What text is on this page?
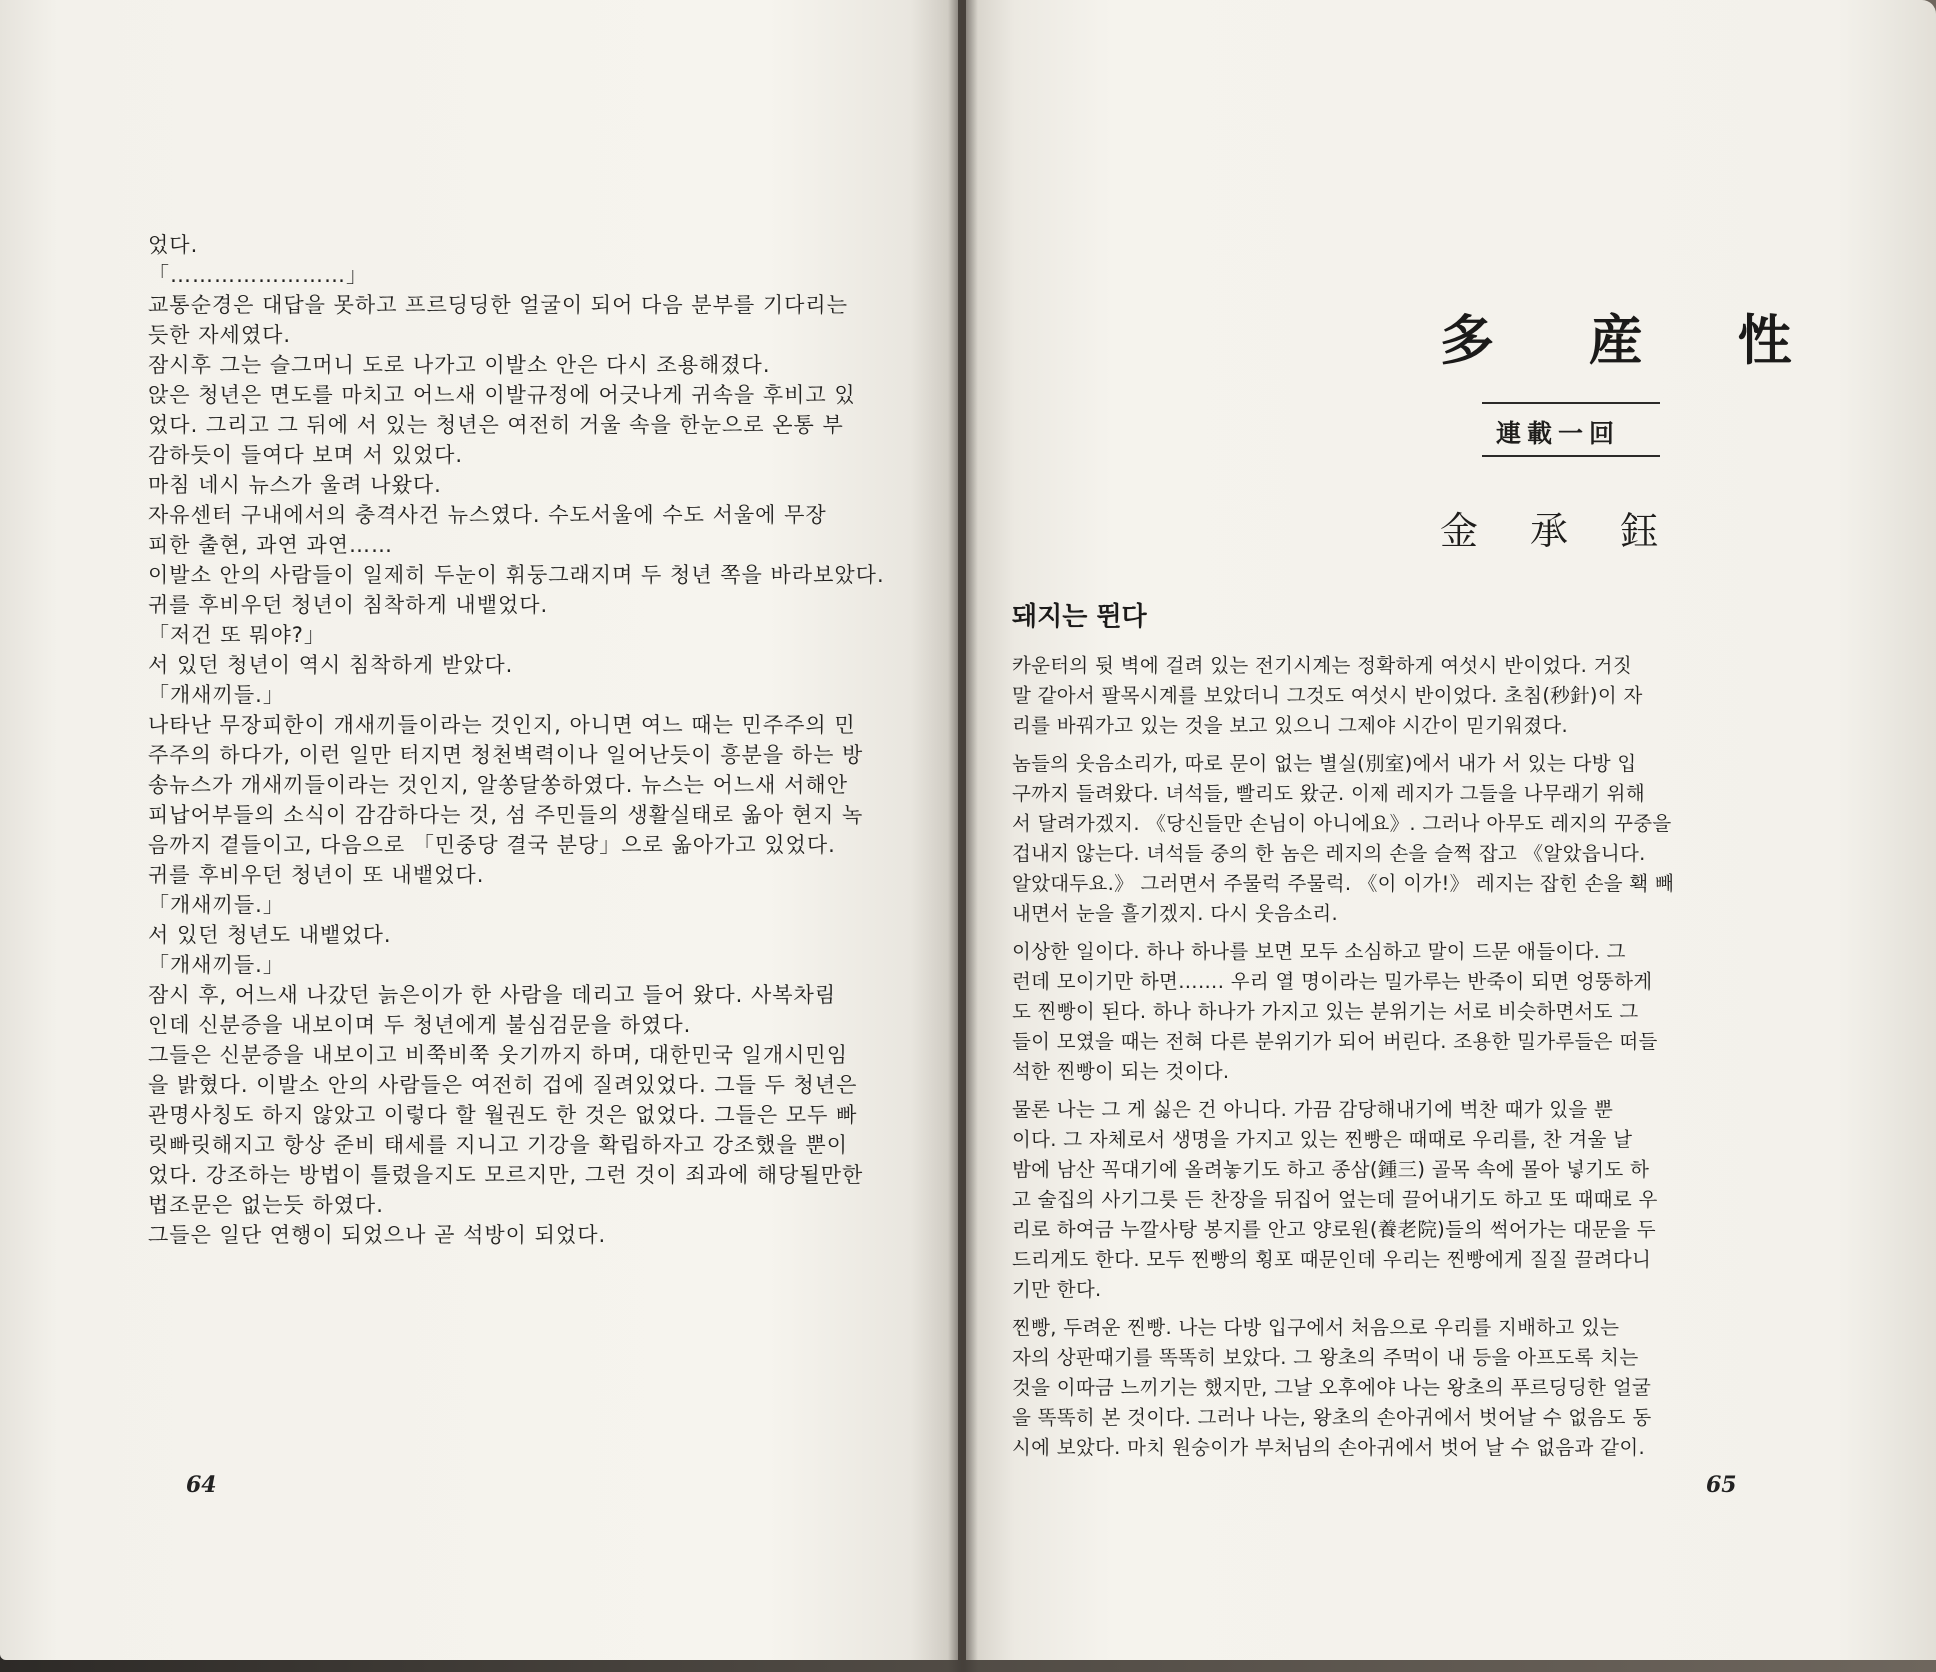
었다.
「……………………」
교통순경은 대답을 못하고 프르딩딩한 얼굴이 되어 다음 분부를 기다리는
듯한 자세였다.
잠시후 그는 슬그머니 도로 나가고 이발소 안은 다시 조용해졌다.
앉은 청년은 면도를 마치고 어느새 이발규정에 어긋나게 귀속을 후비고 있
었다. 그리고 그 뒤에 서 있는 청년은 여전히 거울 속을 한눈으로 온통 부
감하듯이 들여다 보며 서 있었다.
마침 네시 뉴스가 울려 나왔다.
자유센터 구내에서의 충격사건 뉴스였다. 수도서울에 수도 서울에 무장
피한 출현, 과연 과연……
이발소 안의 사람들이 일제히 두눈이 휘둥그래지며 두 청년 쪽을 바라보았다.
귀를 후비우던 청년이 침착하게 내뱉었다.
「저건 또 뭐야?」
서 있던 청년이 역시 침착하게 받았다.
「개새끼들.」
나타난 무장피한이 개새끼들이라는 것인지, 아니면 여느 때는 민주주의 민
주주의 하다가, 이런 일만 터지면 청천벽력이나 일어난듯이 흥분을 하는 방
송뉴스가 개새끼들이라는 것인지, 알쏭달쏭하였다. 뉴스는 어느새 서해안
피납어부들의 소식이 감감하다는 것, 섬 주민들의 생활실태로 옮아 현지 녹
음까지 곁들이고, 다음으로 「민중당 결국 분당」으로 옮아가고 있었다.
귀를 후비우던 청년이 또 내뱉었다.
「개새끼들.」
서 있던 청년도 내뱉었다.
「개새끼들.」
잠시 후, 어느새 나갔던 늙은이가 한 사람을 데리고 들어 왔다. 사복차림
인데 신분증을 내보이며 두 청년에게 불심검문을 하였다.
그들은 신분증을 내보이고 비쭉비쭉 웃기까지 하며, 대한민국 일개시민임
을 밝혔다. 이발소 안의 사람들은 여전히 겁에 질려있었다. 그들 두 청년은
관명사칭도 하지 않았고 이렇다 할 월권도 한 것은 없었다. 그들은 모두 빠
릿빠릿해지고 항상 준비 태세를 지니고 기강을 확립하자고 강조했을 뿐이
었다. 강조하는 방법이 틀렸을지도 모르지만, 그런 것이 죄과에 해당될만한
법조문은 없는듯 하였다.
그들은 일단 연행이 되었으나 곧 석방이 되었다.
64
多 産 性
連載一回
金承鈺
돼지는 뛴다
카운터의 뒷 벽에 걸려 있는 전기시계는 정확하게 여섯시 반이었다. 거짓
말 같아서 팔목시계를 보았더니 그것도 여섯시 반이었다. 초침(秒針)이 자
리를 바꿔가고 있는 것을 보고 있으니 그제야 시간이 믿기워졌다.
놈들의 웃음소리가, 따로 문이 없는 별실(別室)에서 내가 서 있는 다방 입
구까지 들려왔다. 녀석들, 빨리도 왔군. 이제 레지가 그들을 나무래기 위해
서 달려가겠지. 《당신들만 손님이 아니에요》. 그러나 아무도 레지의 꾸중을
겁내지 않는다. 녀석들 중의 한 놈은 레지의 손을 슬쩍 잡고 《알았읍니다.
알았대두요.》 그러면서 주물럭 주물럭. 《이 이가!》 레지는 잡힌 손을 홱 빼
내면서 눈을 흘기겠지. 다시 웃음소리.
이상한 일이다. 하나 하나를 보면 모두 소심하고 말이 드문 애들이다. 그
런데 모이기만 하면……. 우리 열 명이라는 밀가루는 반죽이 되면 엉뚱하게
도 찐빵이 된다. 하나 하나가 가지고 있는 분위기는 서로 비슷하면서도 그
들이 모였을 때는 전혀 다른 분위기가 되어 버린다. 조용한 밀가루들은 떠들
석한 찐빵이 되는 것이다.
물론 나는 그 게 싫은 건 아니다. 가끔 감당해내기에 벅찬 때가 있을 뿐
이다. 그 자체로서 생명을 가지고 있는 찐빵은 때때로 우리를, 찬 겨울 날
밤에 남산 꼭대기에 올려놓기도 하고 종삼(鍾三) 골목 속에 몰아 넣기도 하
고 술집의 사기그릇 든 찬장을 뒤집어 엎는데 끌어내기도 하고 또 때때로 우
리로 하여금 누깔사탕 봉지를 안고 양로원(養老院)들의 썩어가는 대문을 두
드리게도 한다. 모두 찐빵의 횡포 때문인데 우리는 찐빵에게 질질 끌려다니
기만 한다.
찐빵, 두려운 찐빵. 나는 다방 입구에서 처음으로 우리를 지배하고 있는
자의 상판때기를 똑똑히 보았다. 그 왕초의 주먹이 내 등을 아프도록 치는
것을 이따금 느끼기는 했지만, 그날 오후에야 나는 왕초의 푸르딩딩한 얼굴
을 똑똑히 본 것이다. 그러나 나는, 왕초의 손아귀에서 벗어날 수 없음도 동
시에 보았다. 마치 원숭이가 부처님의 손아귀에서 벗어 날 수 없음과 같이.
65
